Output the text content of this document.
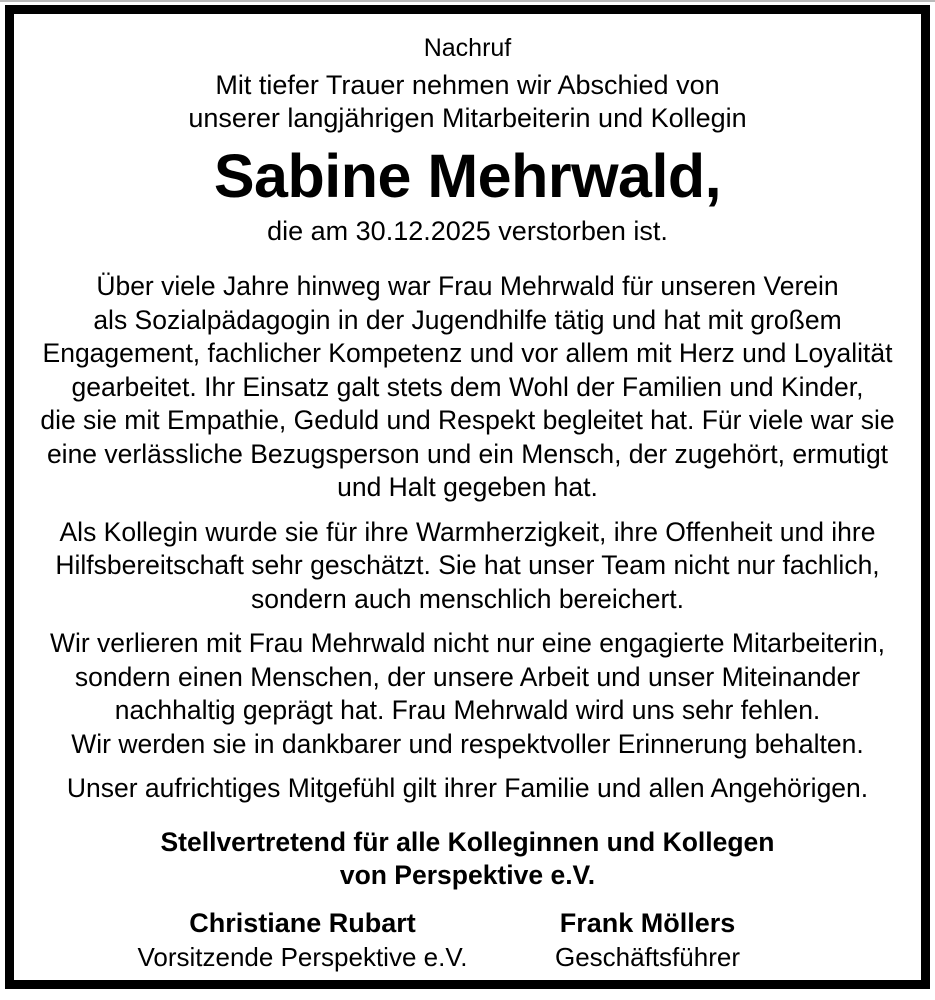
Nachruf
Mit tiefer Trauer nehmen wir Abschied von
unserer langjährigen Mitarbeiterin und Kollegin
Sabine Mehrwald,
die am 30.12.2025 verstorben ist.

Über viele Jahre hinweg war Frau Mehrwald für unseren Verein
als Sozialpädagogin in der Jugendhilfe tätig und hat mit großem
Engagement, fachlicher Kompetenz und vor allem mit Herz und Loyalität
gearbeitet. Ihr Einsatz galt stets dem Wohl der Familien und Kinder,
die sie mit Empathie, Geduld und Respekt begleitet hat. Für viele war sie
eine verlässliche Bezugsperson und ein Mensch, der zugehört, ermutigt
und Halt gegeben hat.

Als Kollegin wurde sie für ihre Warmherzigkeit, ihre Offenheit und ihre
Hilfsbereitschaft sehr geschätzt. Sie hat unser Team nicht nur fachlich,
sondern auch menschlich bereichert.

Wir verlieren mit Frau Mehrwald nicht nur eine engagierte Mitarbeiterin,
sondern einen Menschen, der unsere Arbeit und unser Miteinander
nachhaltig geprägt hat. Frau Mehrwald wird uns sehr fehlen.
Wir werden sie in dankbarer und respektvoller Erinnerung behalten.

Unser aufrichtiges Mitgefühl gilt ihrer Familie und allen Angehörigen.

Stellvertretend für alle Kolleginnen und Kollegen
von Perspektive e.V.
Christiane Rubart
Vorsitzende Perspektive e.V.
Frank Möllers
Geschäftsführer
